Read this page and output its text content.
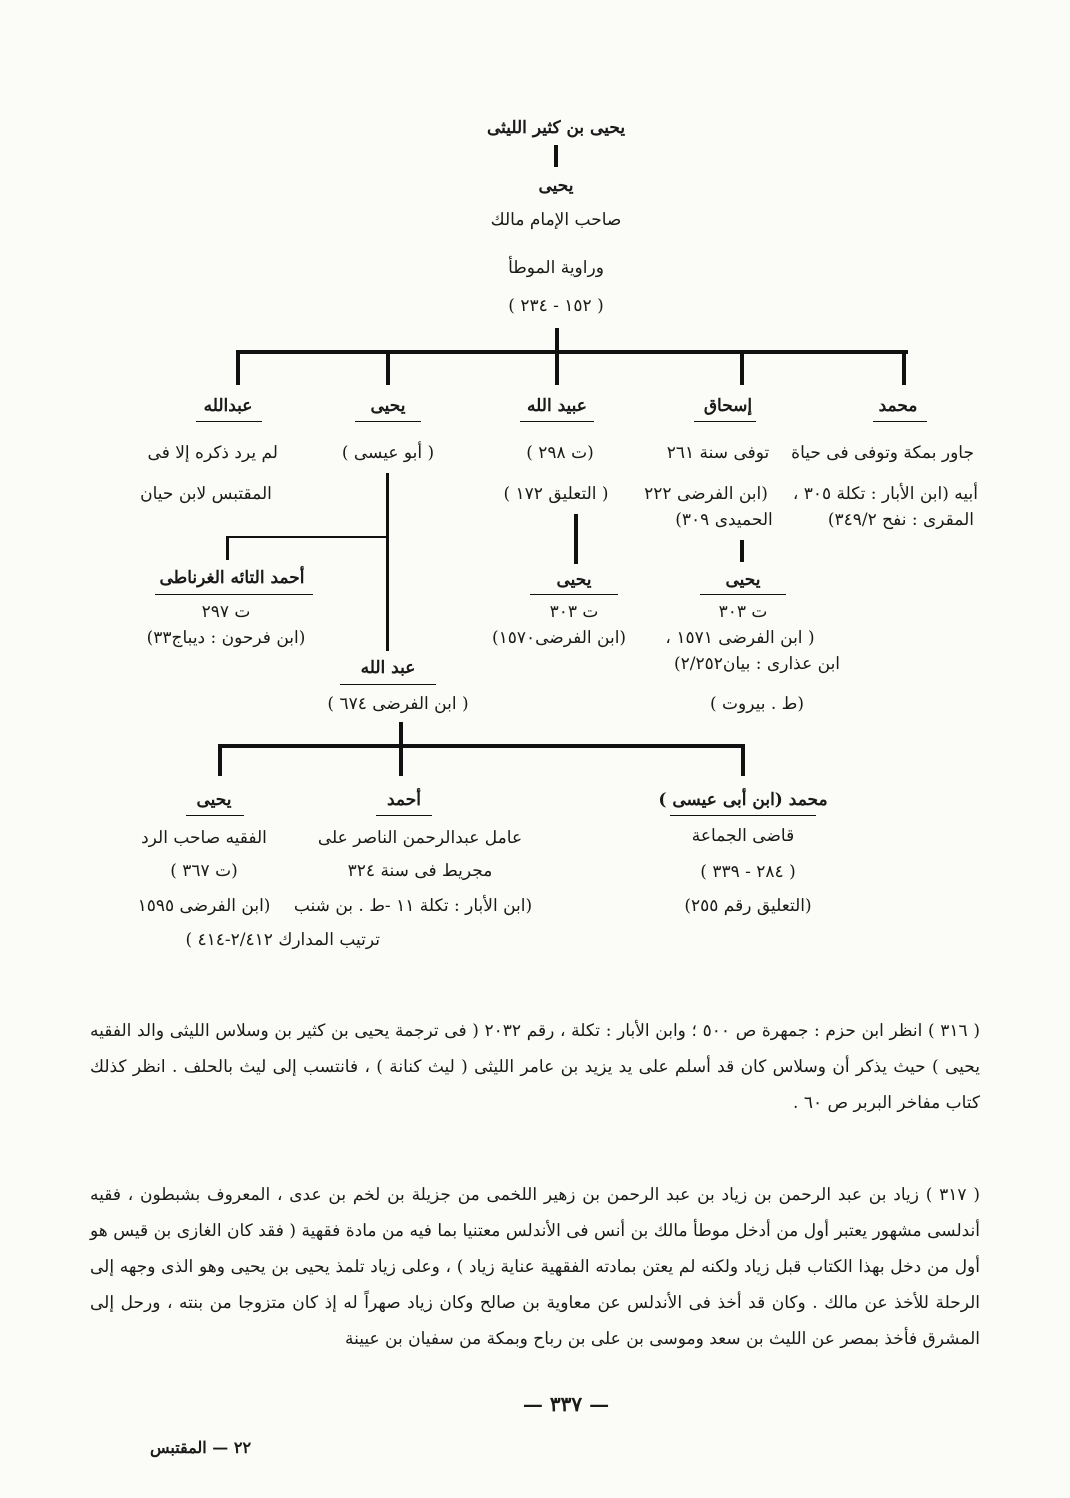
يحيى بن كثير الليثى
يحيى
صاحب الإمام مالك
وراوية الموطأ
( ١٥٢ - ٢٣٤ )
محمد
جاور بمكة وتوفى فى حياة
أبيه (ابن الأبار : تكلة ٣٠٥ ،
المقرى : نفح ٣٤٩/٢)
إسحاق
توفى سنة ٢٦١
(ابن الفرضى ٢٢٢
الحميدى ٣٠٩)
عبيد الله
(ت ٢٩٨ )
( التعليق ١٧٢ )
يحيى
( أبو عيسى )
عبدالله
لم يرد ذكره إلا فى
المقتبس لابن حيان
يحيى
ت ٣٠٣
( ابن الفرضى ١٥٧١ ،
ابن عذارى : بيان٢/٢٥٢)
(ط . بيروت )
يحيى
ت ٣٠٣
(ابن الفرضى١٥٧٠)
أحمد التائه الغرناطى
ت ٢٩٧
(ابن فرحون : ديباج٣٣)
عبد الله
( ابن الفرضى ٦٧٤ )
محمد (ابن أبى عيسى )
قاضى الجماعة
( ٢٨٤ - ٣٣٩ )
(التعليق رقم ٢٥٥)
أحمد
عامل عبدالرحمن الناصر على
مجريط فى سنة ٣٢٤
(ابن الأبار : تكلة ١١ -ط . بن شنب
يحيى
الفقيه صاحب الرد
(ت ٣٦٧ )
(ابن الفرضى ١٥٩٥
ترتيب المدارك ٢/٤١٢-٤١٤ )
( ٣١٦ ) انظر ابن حزم : جمهرة ص ٥٠٠ ؛ وابن الأبار : تكلة ، رقم ٢٠٣٢ ( فى ترجمة يحيى بن كثير بن وسلاس الليثى والد الفقيه يحيى ) حيث يذكر أن وسلاس كان قد أسلم على يد يزيد بن عامر الليثى ( ليث كنانة ) ، فانتسب إلى ليث بالحلف . انظر كذلك كتاب مفاخر البربر ص ٦٠ .
( ٣١٧ ) زياد بن عبد الرحمن بن زياد بن عبد الرحمن بن زهير اللخمى من جزيلة بن لخم بن عدى ، المعروف بشبطون ، فقيه أندلسى مشهور يعتبر أول من أدخل موطأ مالك بن أنس فى الأندلس معتنيا بما فيه من مادة فقهية ( فقد كان الغازى بن قيس هو أول من دخل بهذا الكتاب قبل زياد ولكنه لم يعتن بمادته الفقهية عناية زياد ) ، وعلى زياد تلمذ يحيى بن يحيى وهو الذى وجهه إلى الرحلة للأخذ عن مالك . وكان قد أخذ فى الأندلس عن معاوية بن صالح وكان زياد صهراً له إذ كان متزوجا من بنته ، ورحل إلى المشرق فأخذ بمصر عن الليث بن سعد وموسى بن على بن رباح وبمكة من سفيان بن عيينة
— ٣٣٧ —
٢٢ — المقتبس
